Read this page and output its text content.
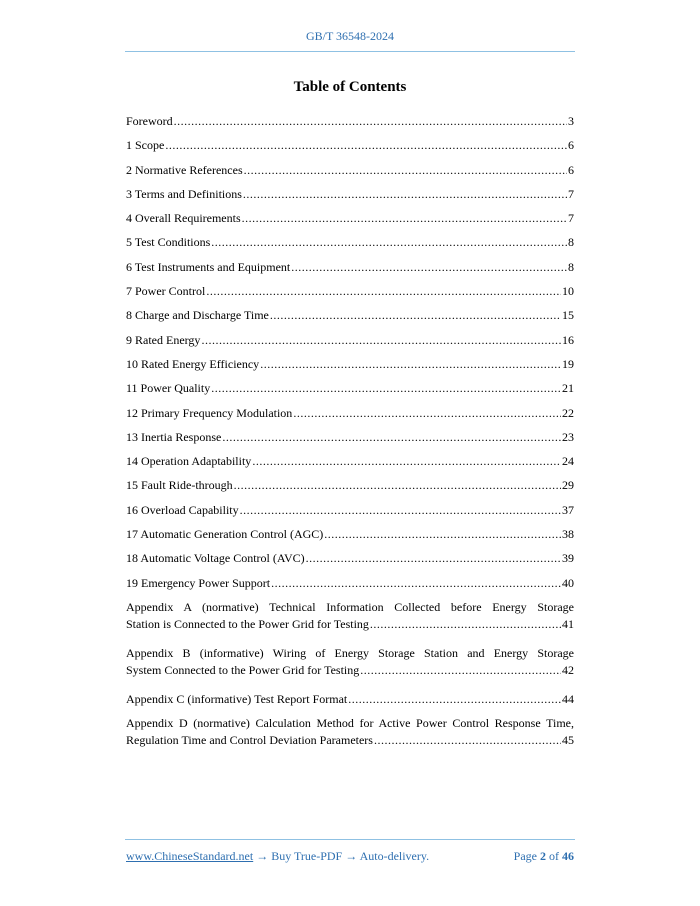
GB/T 36548-2024
Table of Contents
Foreword .....	3
1 Scope .....	6
2 Normative References .....	6
3 Terms and Definitions .....	7
4 Overall Requirements .....	7
5 Test Conditions .....	8
6 Test Instruments and Equipment .....	8
7 Power Control .....	10
8 Charge and Discharge Time .....	15
9 Rated Energy .....	16
10 Rated Energy Efficiency .....	19
11 Power Quality .....	21
12 Primary Frequency Modulation .....	22
13 Inertia Response .....	23
14 Operation Adaptability .....	24
15 Fault Ride-through .....	29
16 Overload Capability .....	37
17 Automatic Generation Control (AGC) .....	38
18 Automatic Voltage Control (AVC) .....	39
19 Emergency Power Support .....	40
Appendix A (normative) Technical Information Collected before Energy Storage
Station is Connected to the Power Grid for Testing .....	41
Appendix B (informative) Wiring of Energy Storage Station and Energy Storage
System Connected to the Power Grid for Testing .....	42
Appendix C (informative) Test Report Format .....	44
Appendix D (normative) Calculation Method for Active Power Control Response Time,
Regulation Time and Control Deviation Parameters .....	45
www.ChineseStandard.net → Buy True-PDF → Auto-delivery.	Page 2 of 46
